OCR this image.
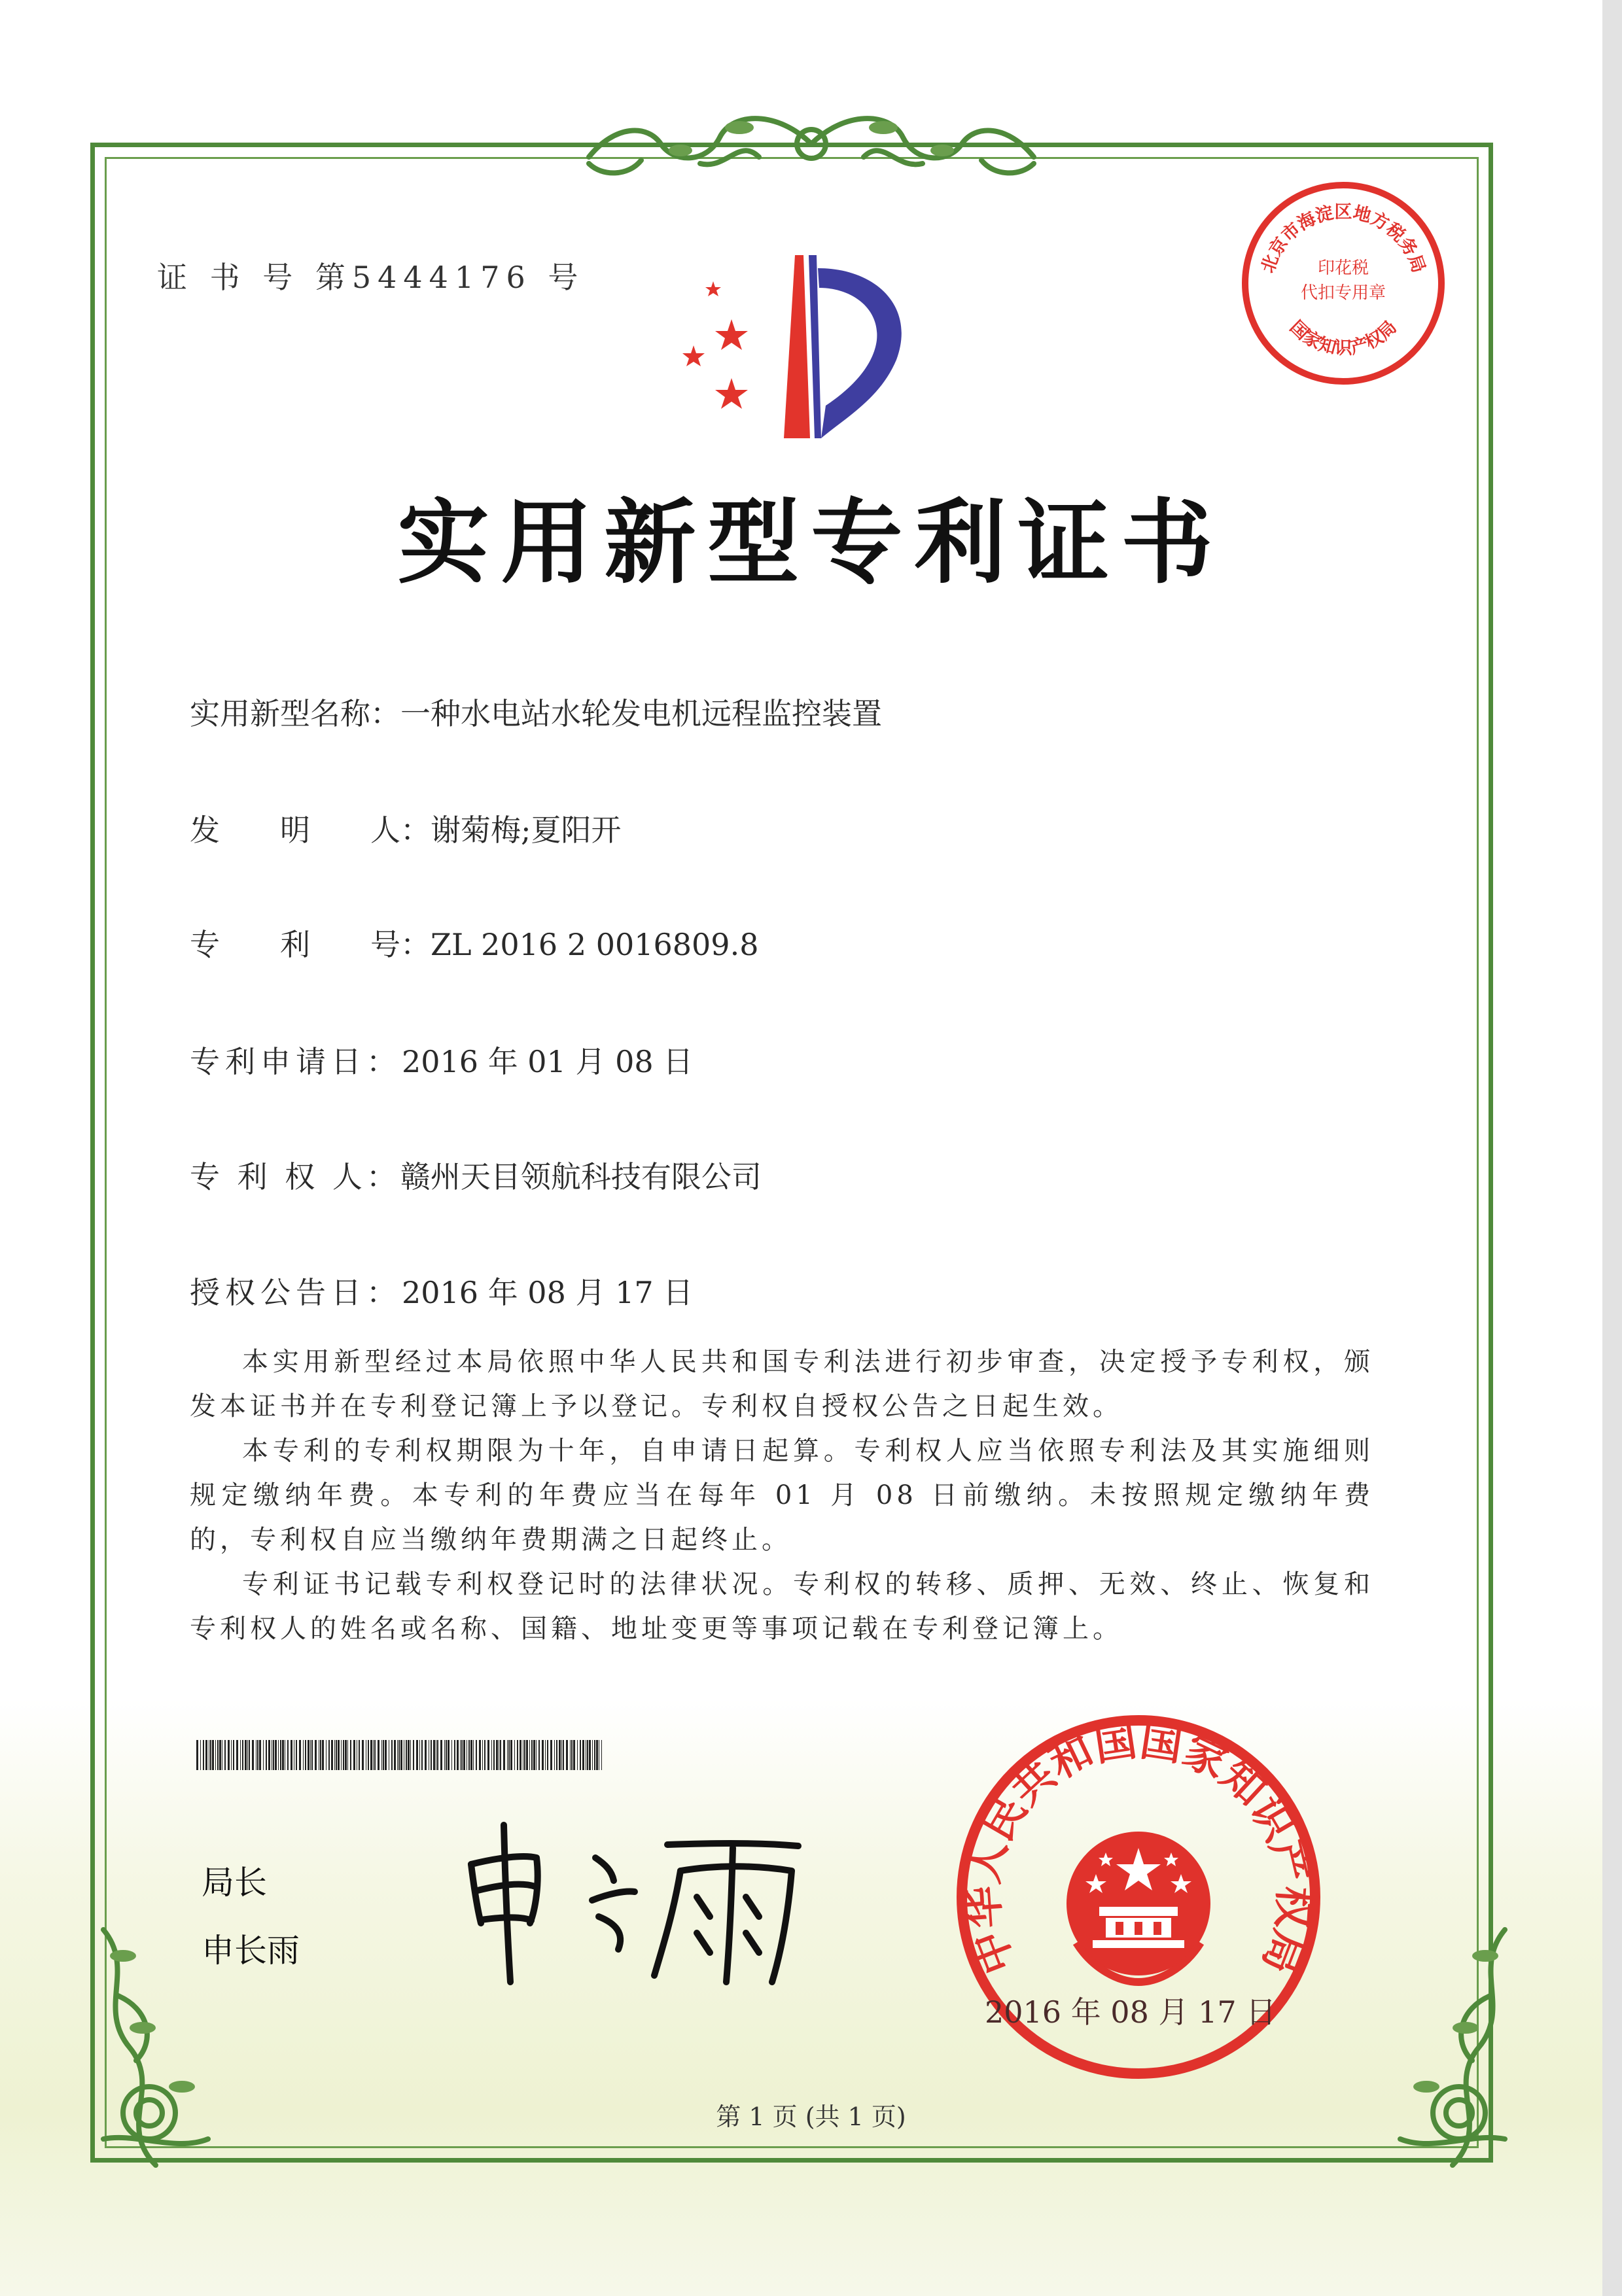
证 书 号 第5444176 号	北京市海淀区地方税务局
印花税
代扣专用章
国家知识产权局
实用新型专利证书
实用新型名称：一种水电站水轮发电机远程监控装置
发　　明　　人：谢菊梅;夏阳开
专　　利　　号：ZL 2016 2 0016809.8
专利申请日：2016 年 01 月 08 日
专 利 权 人：赣州天目领航科技有限公司
授权公告日：2016 年 08 月 17 日

本实用新型经过本局依照中华人民共和国专利法进行初步审查，决定授予专利权，颁发本证书并在专利登记簿上予以登记。专利权自授权公告之日起生效。

本专利的专利权期限为十年，自申请日起算。专利权人应当依照专利法及其实施细则规定缴纳年费。本专利的年费应当在每年 01 月 08 日前缴纳。未按照规定缴纳年费的，专利权自应当缴纳年费期满之日起终止。

专利证书记载专利权登记时的法律状况。专利权的转移、质押、无效、终止、恢复和专利权人的姓名或名称、国籍、地址变更等事项记载在专利登记簿上。

局长
申长雨	中华人民共和国国家知识产权局
2016 年 08 月 17 日
第 1 页 (共 1 页)
